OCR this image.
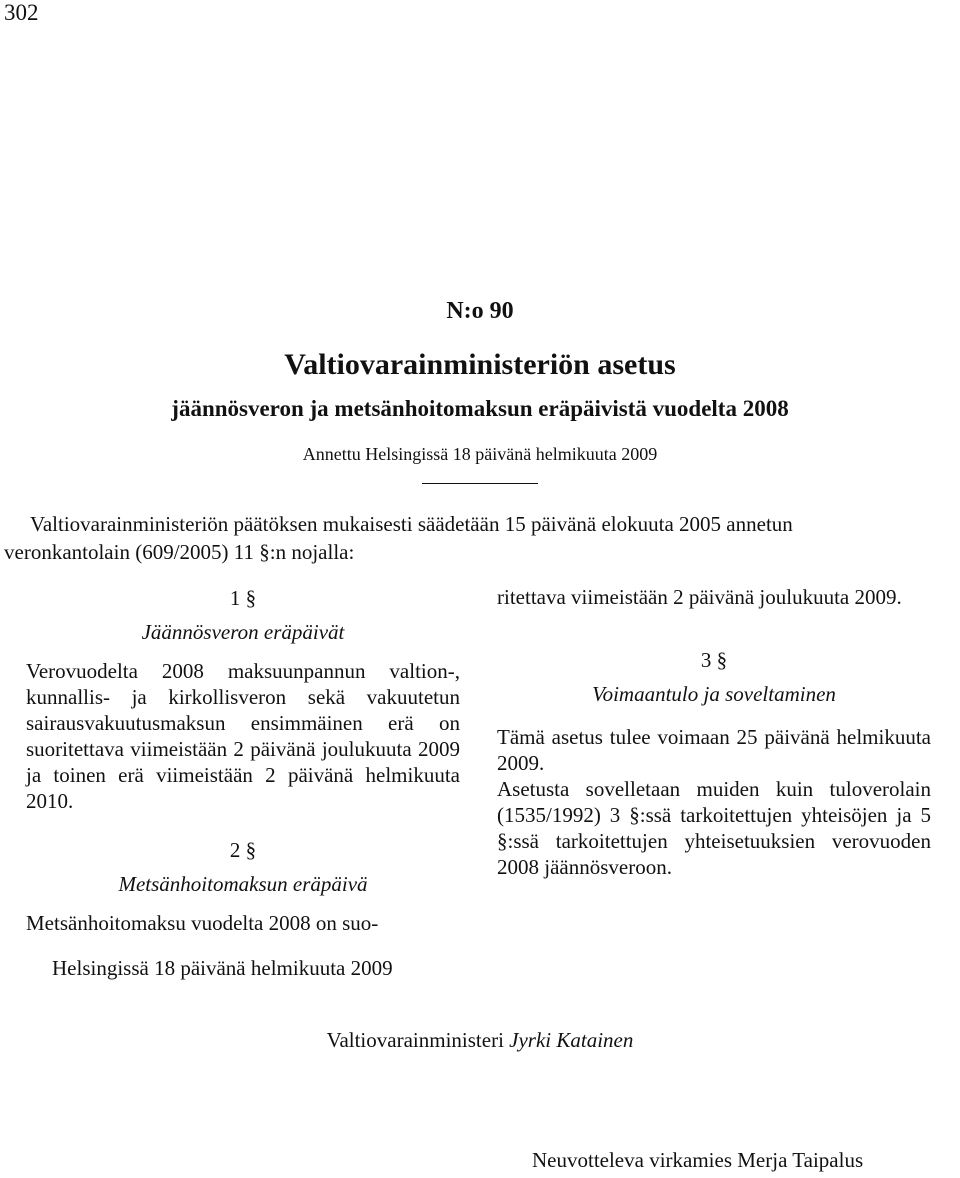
302
N:o 90
Valtiovarainministeriön asetus
jäännösveron ja metsänhoitomaksun eräpäivistä vuodelta 2008
Annettu Helsingissä 18 päivänä helmikuuta 2009
Valtiovarainministeriön päätöksen mukaisesti säädetään 15 päivänä elokuuta 2005 annetun
veronkantolain (609/2005) 11 §:n nojalla:
1 §
Jäännösveron eräpäivät
Verovuodelta 2008 maksuunpannun valtion-, kunnallis- ja kirkollisveron sekä vakuutetun sairausvakuutusmaksun ensimmäinen erä on suoritettava viimeistään 2 päivänä joulukuuta 2009 ja toinen erä viimeistään 2 päivänä helmikuuta 2010.
2 §
Metsänhoitomaksun eräpäivä
Metsänhoitomaksu vuodelta 2008 on suo-
ritettava viimeistään 2 päivänä joulukuuta 2009.
3 §
Voimaantulo ja soveltaminen
Tämä asetus tulee voimaan 25 päivänä helmikuuta 2009.
Asetusta sovelletaan muiden kuin tuloverolain (1535/1992) 3 §:ssä tarkoitettujen yhteisöjen ja 5 §:ssä tarkoitettujen yhteisetuuksien verovuoden 2008 jäännösveroon.
Helsingissä 18 päivänä helmikuuta 2009
Valtiovarainministeri Jyrki Katainen
Neuvotteleva virkamies Merja Taipalus
